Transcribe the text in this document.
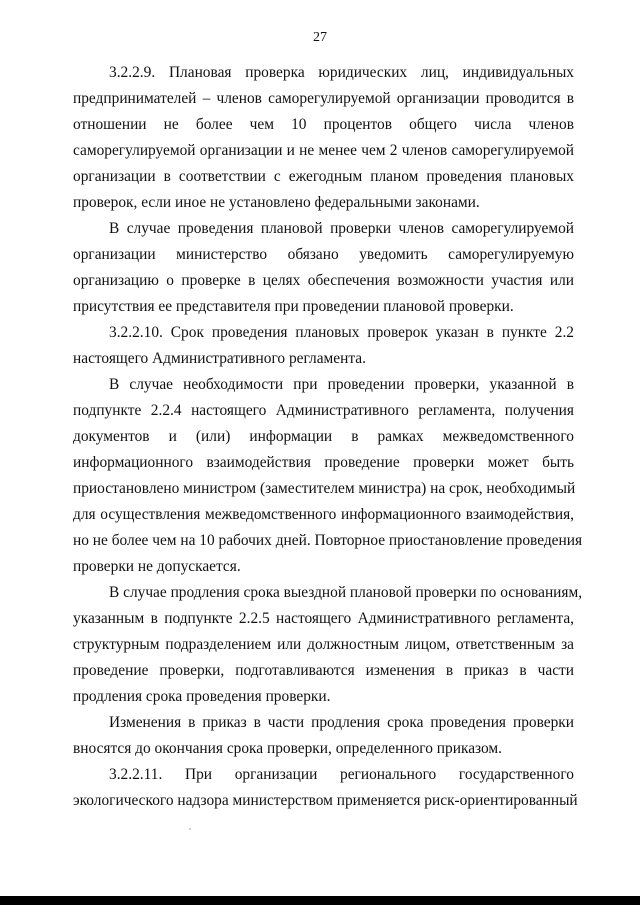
27

3.2.2.9. Плановая проверка юридических лиц, индивидуальных
предпринимателей – членов саморегулируемой организации проводится в
отношении не более чем 10 процентов общего числа членов
саморегулируемой организации и не менее чем 2 членов саморегулируемой
организации в соответствии с ежегодным планом проведения плановых
проверок, если иное не установлено федеральными законами.

В случае проведения плановой проверки членов саморегулируемой
организации министерство обязано уведомить саморегулируемую
организацию о проверке в целях обеспечения возможности участия или
присутствия ее представителя при проведении плановой проверки.

3.2.2.10. Срок проведения плановых проверок указан в пункте 2.2
настоящего Административного регламента.

В случае необходимости при проведении проверки, указанной в
подпункте 2.2.4 настоящего Административного регламента, получения
документов и (или) информации в рамках межведомственного
информационного взаимодействия проведение проверки может быть
приостановлено министром (заместителем министра) на срок, необходимый
для осуществления межведомственного информационного взаимодействия,
но не более чем на 10 рабочих дней. Повторное приостановление проведения
проверки не допускается.

В случае продления срока выездной плановой проверки по основаниям,
указанным в подпункте 2.2.5 настоящего Административного регламента,
структурным подразделением или должностным лицом, ответственным за
проведение проверки, подготавливаются изменения в приказ в части
продления срока проведения проверки.

Изменения в приказ в части продления срока проведения проверки
вносятся до окончания срока проверки, определенного приказом.

3.2.2.11. При организации регионального государственного
экологического надзора министерством применяется риск-ориентированный
